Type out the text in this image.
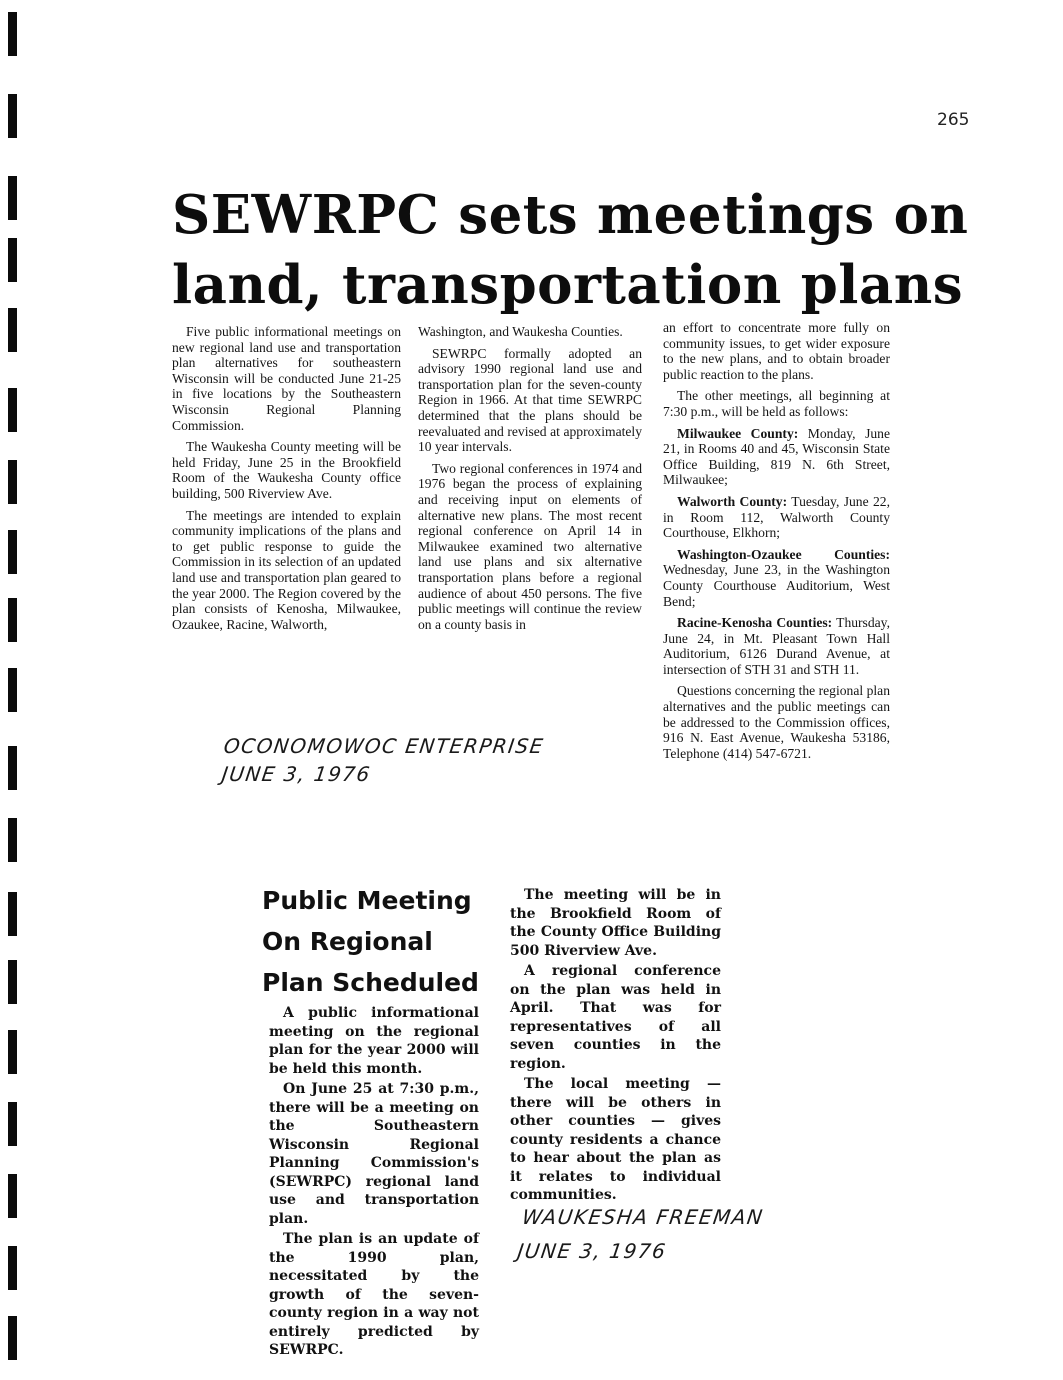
265
SEWRPC sets meetings on
land, transportation plans

Five public informational meetings on new regional land use and transportation plan alternatives for southeastern Wisconsin will be conducted June 21-25 in five locations by the Southeastern Wisconsin Regional Planning Commission.

The Waukesha County meeting will be held Friday, June 25 in the Brookfield Room of the Waukesha County office building, 500 Riverview Ave.

The meetings are intended to explain community implications of the plans and to get public response to guide the Commission in its selection of an updated land use and transportation plan geared to the year 2000. The Region covered by the plan consists of Kenosha, Milwaukee, Ozaukee, Racine, Walworth,

Washington, and Waukesha Counties.

SEWRPC formally adopted an advisory 1990 regional land use and transportation plan for the seven-county Region in 1966. At that time SEWRPC determined that the plans should be reevaluated and revised at approximately 10 year intervals.

Two regional conferences in 1974 and 1976 began the process of explaining and receiving input on elements of alternative new plans. The most recent regional conference on April 14 in Milwaukee examined two alternative land use plans and six alternative transportation plans before a regional audience of about 450 persons. The five public meetings will continue the review on a county basis in

an effort to concentrate more fully on community issues, to get wider exposure to the new plans, and to obtain broader public reaction to the plans.

The other meetings, all beginning at 7:30 p.m., will be held as follows:

Milwaukee County: Monday, June 21, in Rooms 40 and 45, Wisconsin State Office Building, 819 N. 6th Street, Milwaukee;

Walworth County: Tuesday, June 22, in Room 112, Walworth County Courthouse, Elkhorn;

Washington-Ozaukee Counties: Wednesday, June 23, in the Washington County Courthouse Auditorium, West Bend;

Racine-Kenosha Counties: Thursday, June 24, in Mt. Pleasant Town Hall Auditorium, 6126 Durand Avenue, at intersection of STH 31 and STH 11.

Questions concerning the regional plan alternatives and the public meetings can be addressed to the Commission offices, 916 N. East Avenue, Waukesha 53186, Telephone (414) 547-6721.

OCONOMOWOC ENTERPRISE
JUNE 3, 1976
Public Meeting
On Regional
Plan Scheduled

A public informational meeting on the regional plan for the year 2000 will be held this month.

On June 25 at 7:30 p.m., there will be a meeting on the Southeastern Wisconsin Regional Planning Commission's (SEWRPC) regional land use and transportation plan.

The plan is an update of the 1990 plan, necessitated by the growth of the seven-county region in a way not entirely predicted by SEWRPC.

The meeting will be in the Brookfield Room of the County Office Building 500 Riverview Ave.

A regional conference on the plan was held in April. That was for representatives of all seven counties in the region.

The local meeting — there will be others in other counties — gives county residents a chance to hear about the plan as it relates to individual communities.

WAUKESHA FREEMAN
JUNE 3, 1976
